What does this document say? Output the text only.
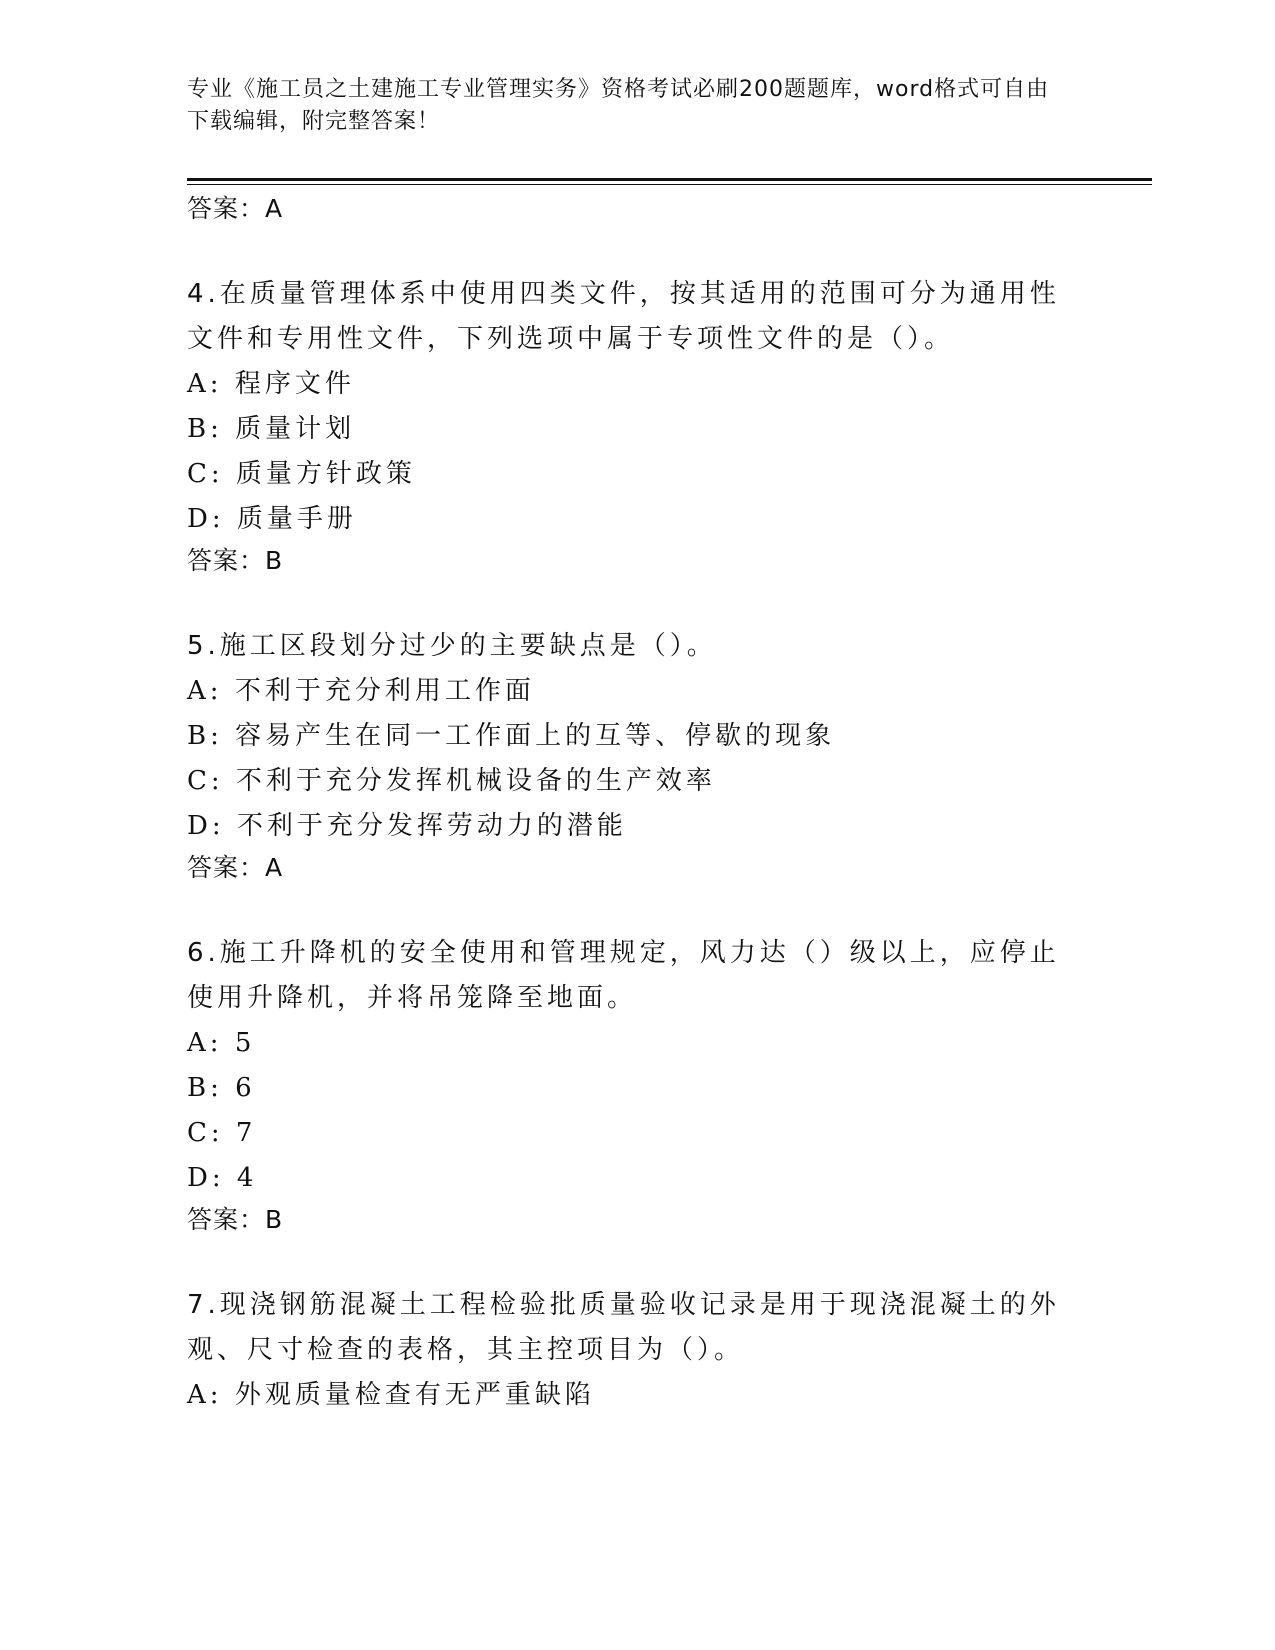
专业《施工员之土建施工专业管理实务》资格考试必刷200题题库，word格式可自由下载编辑，附完整答案！

答案：A

4.在质量管理体系中使用四类文件，按其适用的范围可分为通用性文件和专用性文件，下列选项中属于专项性文件的是（）。

A: 程序文件

B: 质量计划

C: 质量方针政策

D: 质量手册

答案：B

5.施工区段划分过少的主要缺点是（）。

A: 不利于充分利用工作面

B: 容易产生在同一工作面上的互等、停歇的现象

C: 不利于充分发挥机械设备的生产效率

D: 不利于充分发挥劳动力的潜能

答案：A

6.施工升降机的安全使用和管理规定，风力达（）级以上，应停止使用升降机，并将吊笼降至地面。

A: 5

B: 6

C: 7

D: 4

答案：B

7.现浇钢筋混凝土工程检验批质量验收记录是用于现浇混凝土的外观、尺寸检查的表格，其主控项目为（）。

A: 外观质量检查有无严重缺陷
